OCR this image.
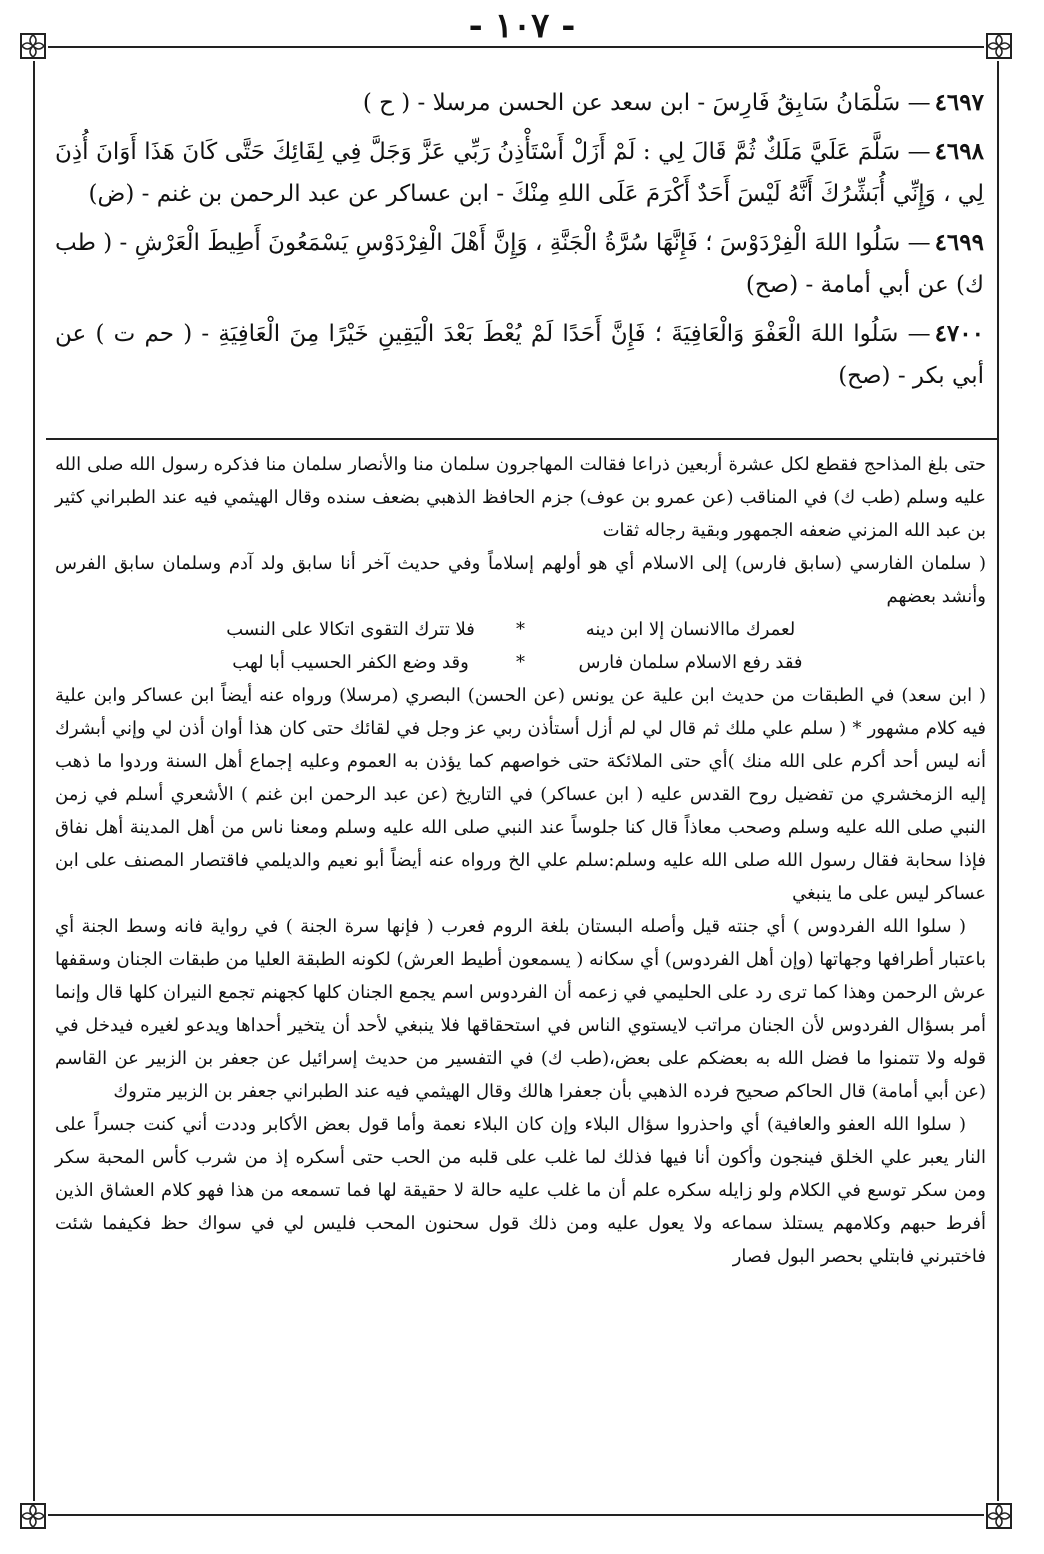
- ١٠٧ -

٤٦٩٧— سَلْمَانُ سَابِقُ فَارِسَ - ابن سعد عن الحسن مرسلا - ( ح )

٤٦٩٨— سَلَّمَ عَلَيَّ مَلَكٌ ثُمَّ قَالَ لِي : لَمْ أَزَلْ أَسْتَأْذِنُ رَبِّي عَزَّ وَجَلَّ فِي لِقَائِكَ حَتَّى كَانَ هَذَا أَوَانَ أُذِنَ لِي ، وَإِنِّي أُبَشِّرُكَ أَنَّهُ لَيْسَ أَحَدٌ أَكْرَمَ عَلَى اللهِ مِنْكَ - ابن عساكر عن عبد الرحمن بن غنم - (ض)

٤٦٩٩— سَلُوا اللهَ الْفِرْدَوْسَ ؛ فَإِنَّهَا سُرَّةُ الْجَنَّةِ ، وَإِنَّ أَهْلَ الْفِرْدَوْسِ يَسْمَعُونَ أَطِيطَ الْعَرْشِ - ( طب ك) عن أبي أمامة - (صح)

٤٧٠٠— سَلُوا اللهَ الْعَفْوَ وَالْعَافِيَةَ ؛ فَإِنَّ أَحَدًا لَمْ يُعْطَ بَعْدَ الْيَقِينِ خَيْرًا مِنَ الْعَافِيَةِ - ( حم ت ) عن أبي بكر - (صح)

حتى بلغ المذاحج فقطع لكل عشرة أربعين ذراعا فقالت المهاجرون سلمان منا والأنصار سلمان منا فذكره رسول الله صلى الله عليه وسلم (طب ك) في المناقب (عن عمرو بن عوف) جزم الحافظ الذهبي بضعف سنده وقال الهيثمي فيه عند الطبراني كثير بن عبد الله المزني ضعفه الجمهور وبقية رجاله ثقات

( سلمان الفارسي (سابق فارس) إلى الاسلام أي هو أولهم إسلاماً وفي حديث آخر أنا سابق ولد آدم وسلمان سابق الفرس وأنشد بعضهم

لعمرك ماالانسان إلا ابن دينه*فلا تترك التقوى اتكالا على النسب
فقد رفع الاسلام سلمان فارس*وقد وضع الكفر الحسيب أبا لهب

( ابن سعد) في الطبقات من حديث ابن علية عن يونس (عن الحسن) البصري (مرسلا) ورواه عنه أيضاً ابن عساكر وابن علية فيه كلام مشهور * ( سلم علي ملك ثم قال لي لم أزل أستأذن ربي عز وجل في لقائك حتى كان هذا أوان أذن لي وإني أبشرك أنه ليس أحد أكرم على الله منك )أي حتى الملائكة حتى خواصهم كما يؤذن به العموم وعليه إجماع أهل السنة وردوا ما ذهب إليه الزمخشري من تفضيل روح القدس عليه ( ابن عساكر) في التاريخ (عن عبد الرحمن ابن غنم ) الأشعري أسلم في زمن النبي صلى الله عليه وسلم وصحب معاذاً قال كنا جلوساً عند النبي صلى الله عليه وسلم ومعنا ناس من أهل المدينة أهل نفاق فإذا سحابة فقال رسول الله صلى الله عليه وسلم:سلم علي الخ ورواه عنه أيضاً أبو نعيم والديلمي فاقتصار المصنف على ابن عساكر ليس على ما ينبغي

( سلوا الله الفردوس ) أي جنته قيل وأصله البستان بلغة الروم فعرب ( فإنها سرة الجنة ) في رواية فانه وسط الجنة أي باعتبار أطرافها وجهاتها (وإن أهل الفردوس) أي سكانه ( يسمعون أطيط العرش) لكونه الطبقة العليا من طبقات الجنان وسقفها عرش الرحمن وهذا كما ترى رد على الحليمي في زعمه أن الفردوس اسم يجمع الجنان كلها كجهنم تجمع النيران كلها قال وإنما أمر بسؤال الفردوس لأن الجنان مراتب لايستوي الناس في استحقاقها فلا ينبغي لأحد أن يتخير أحداها ويدعو لغيره فيدخل في قوله ولا تتمنوا ما فضل الله به بعضكم على بعض،(طب ك) في التفسير من حديث إسرائيل عن جعفر بن الزبير عن القاسم (عن أبي أمامة) قال الحاكم صحيح فرده الذهبي بأن جعفرا هالك وقال الهيثمي فيه عند الطبراني جعفر بن الزبير متروك

( سلوا الله العفو والعافية) أي واحذروا سؤال البلاء وإن كان البلاء نعمة وأما قول بعض الأكابر وددت أني كنت جسراً على النار يعبر علي الخلق فينجون وأكون أنا فيها فذلك لما غلب على قلبه من الحب حتى أسكره إذ من شرب كأس المحبة سكر ومن سكر توسع في الكلام ولو زايله سكره علم أن ما غلب عليه حالة لا حقيقة لها فما تسمعه من هذا فهو كلام العشاق الذين أفرط حبهم وكلامهم يستلذ سماعه ولا يعول عليه ومن ذلك قول سحنون المحب فليس لي في سواك حظ فكيفما شئت فاختبرني فابتلي بحصر البول فصار
